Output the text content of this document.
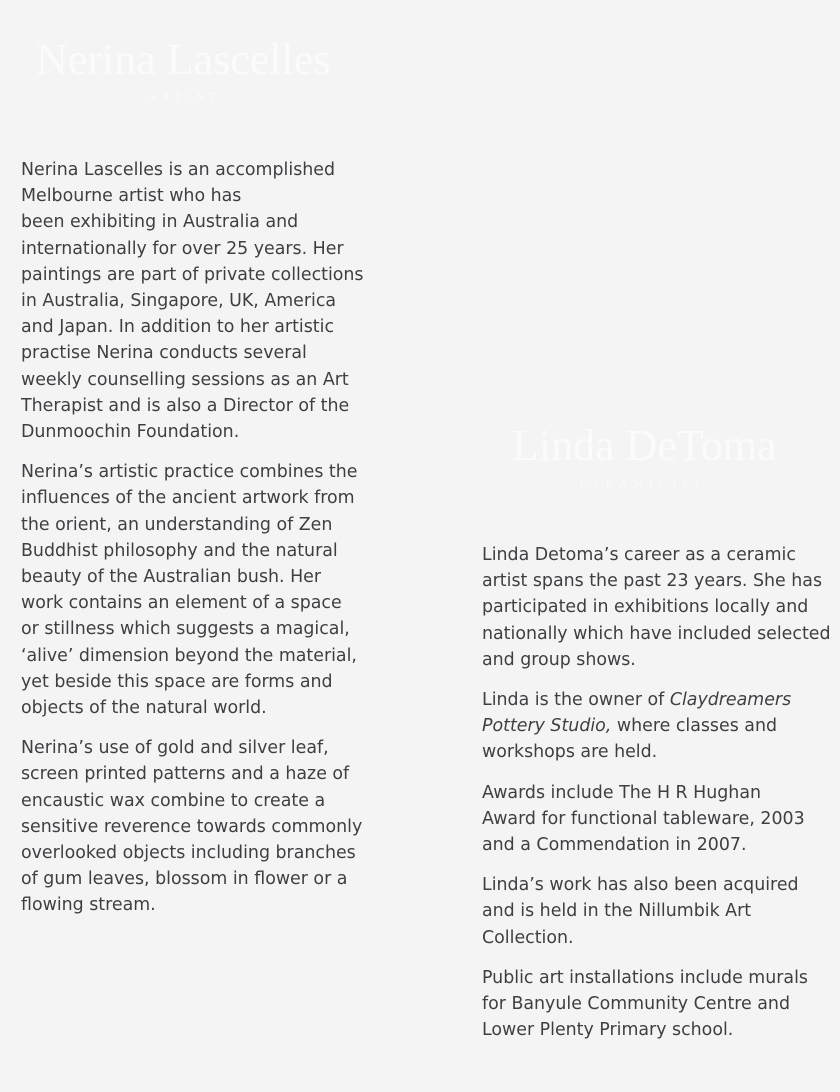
Nerina Lascelles
ARTIST

Nerina Lascelles is an accomplished
Melbourne artist who has
been exhibiting in Australia and
internationally for over 25 years. Her
paintings are part of private collections
in Australia, Singapore, UK, America
and Japan. In addition to her artistic
practise Nerina conducts several
weekly counselling sessions as an Art
Therapist and is also a Director of the
Dunmoochin Foundation.

Nerina’s artistic practice combines the
influences of the ancient artwork from
the orient, an understanding of Zen
Buddhist philosophy and the natural
beauty of the Australian bush. Her
work contains an element of a space
or stillness which suggests a magical,
‘alive’ dimension beyond the material,
yet beside this space are forms and
objects of the natural world.

Nerina’s use of gold and silver leaf,
screen printed patterns and a haze of
encaustic wax combine to create a
sensitive reverence towards commonly
overlooked objects including branches
of gum leaves, blossom in flower or a
flowing stream.

Linda DeToma
CERAMICIST

Linda Detoma’s career as a ceramic
artist spans the past 23 years. She has
participated in exhibitions locally and
nationally which have included selected
and group shows.

Linda is the owner of Claydreamers
Pottery Studio, where classes and
workshops are held.

Awards include The H R Hughan
Award for functional tableware, 2003
and a Commendation in 2007.

Linda’s work has also been acquired
and is held in the Nillumbik Art
Collection.

Public art installations include murals
for Banyule Community Centre and
Lower Plenty Primary school.
